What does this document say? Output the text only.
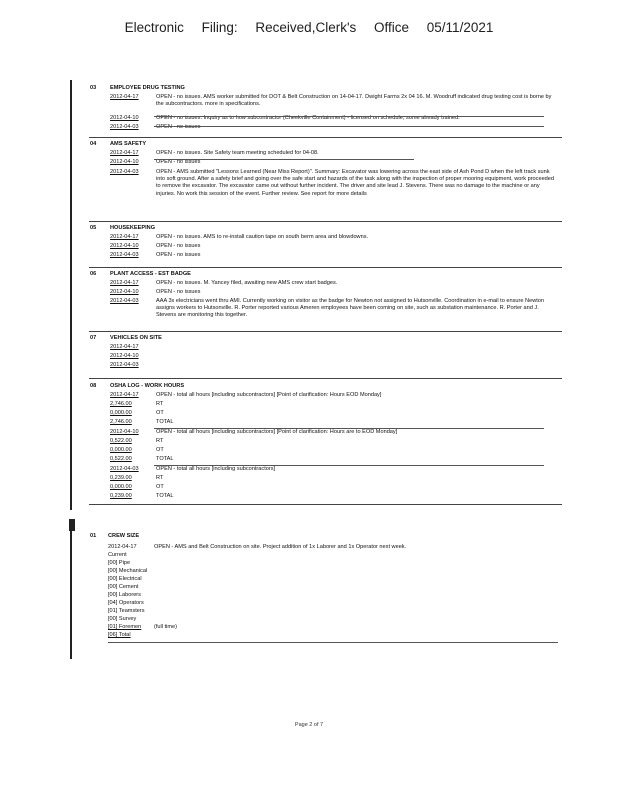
Electronic Filing: Received,Clerk's Office 05/11/2021
03 EMPLOYEE DRUG TESTING
2012-04-17	OPEN - no issues. AMS worker submitted for DOT & Belt Construction on 14-04-17. Dwight Farms 2x 04 16. M. Woodruff indicated drug testing cost is borne by the subcontractors. more in specifications.
2012-04-10	OPEN - no issues. Inquiry as to how subcontractor (Cheekville Containment) - licensed on schedule, some already trained.
2012-04-03	OPEN - no issues
04 AMS SAFETY
2012-04-17	OPEN - no issues. Site Safety team meeting scheduled for 04-08.
2012-04-10	OPEN - no issues
2012-04-03	OPEN - AMS submitted "Lessons Learned (Near Miss Report)". Summary: Excavator was lowering across the east side of Ash Pond D when the left track sunk into soft ground. After a safety brief and going over the safe start and hazards of the task along with the inspection of proper mooring equipment, work proceeded to remove the excavator. The excavator came out without further incident. The driver and site lead J. Stevens. There was no damage to the machine or any injuries. No work this session of the event. Further review. See report for more details
05 HOUSEKEEPING
2012-04-17	OPEN - no issues. AMS to re-install caution tape on south berm area and blowdowns.
2012-04-10	OPEN - no issues
2012-04-03	OPEN - no issues
06 PLANT ACCESS - EST BADGE
2012-04-17	OPEN - no issues. M. Yancey filed, awaiting new AMS crew start badges.
2012-04-10	OPEN - no issues
2012-04-03	AAA 3x electricians went thru AMI. Currently working on visitor as the badge for Newton not assigned to Hutsonville. Coordination in e-mail to ensure Newton assigns workers to Hutsonville. R. Porter reported various Ameren employees have been coming on site, such as substation maintenance. R. Porter and J. Stevens are monitoring this together.
07 VEHICLES ON SITE
2012-04-17
2012-04-10
2012-04-03
08 OSHA LOG - WORK HOURS
2012-04-17	OPEN - total all hours [including subcontractors] [Point of clarification: Hours EOD Monday]
2,746.00	RT
0,000.00	OT
2,746.00	TOTAL
2012-04-10	OPEN - total all hours [including subcontractors] [Point of clarification: Hours are to EOD Monday]
0,522.00	RT
0,000.00	OT
0,522.00	TOTAL
2012-04-03	OPEN - total all hours [including subcontractors]
0,239.00	RT
0,000.00	OT
0,239.00	TOTAL
01 CREW SIZE
2012-04-17	OPEN - AMS and Belt Construction on site. Project addition of 1x Laborer and 1x Operator next week.
Current
[00] Pipe
[00] Mechanical
[00] Electrical
[00] Cement
[00] Laborers
[04] Operators
[01] Teamsters
[00] Survey
[01] Foremen (full time)
[06] Total
Page 2 of 7
